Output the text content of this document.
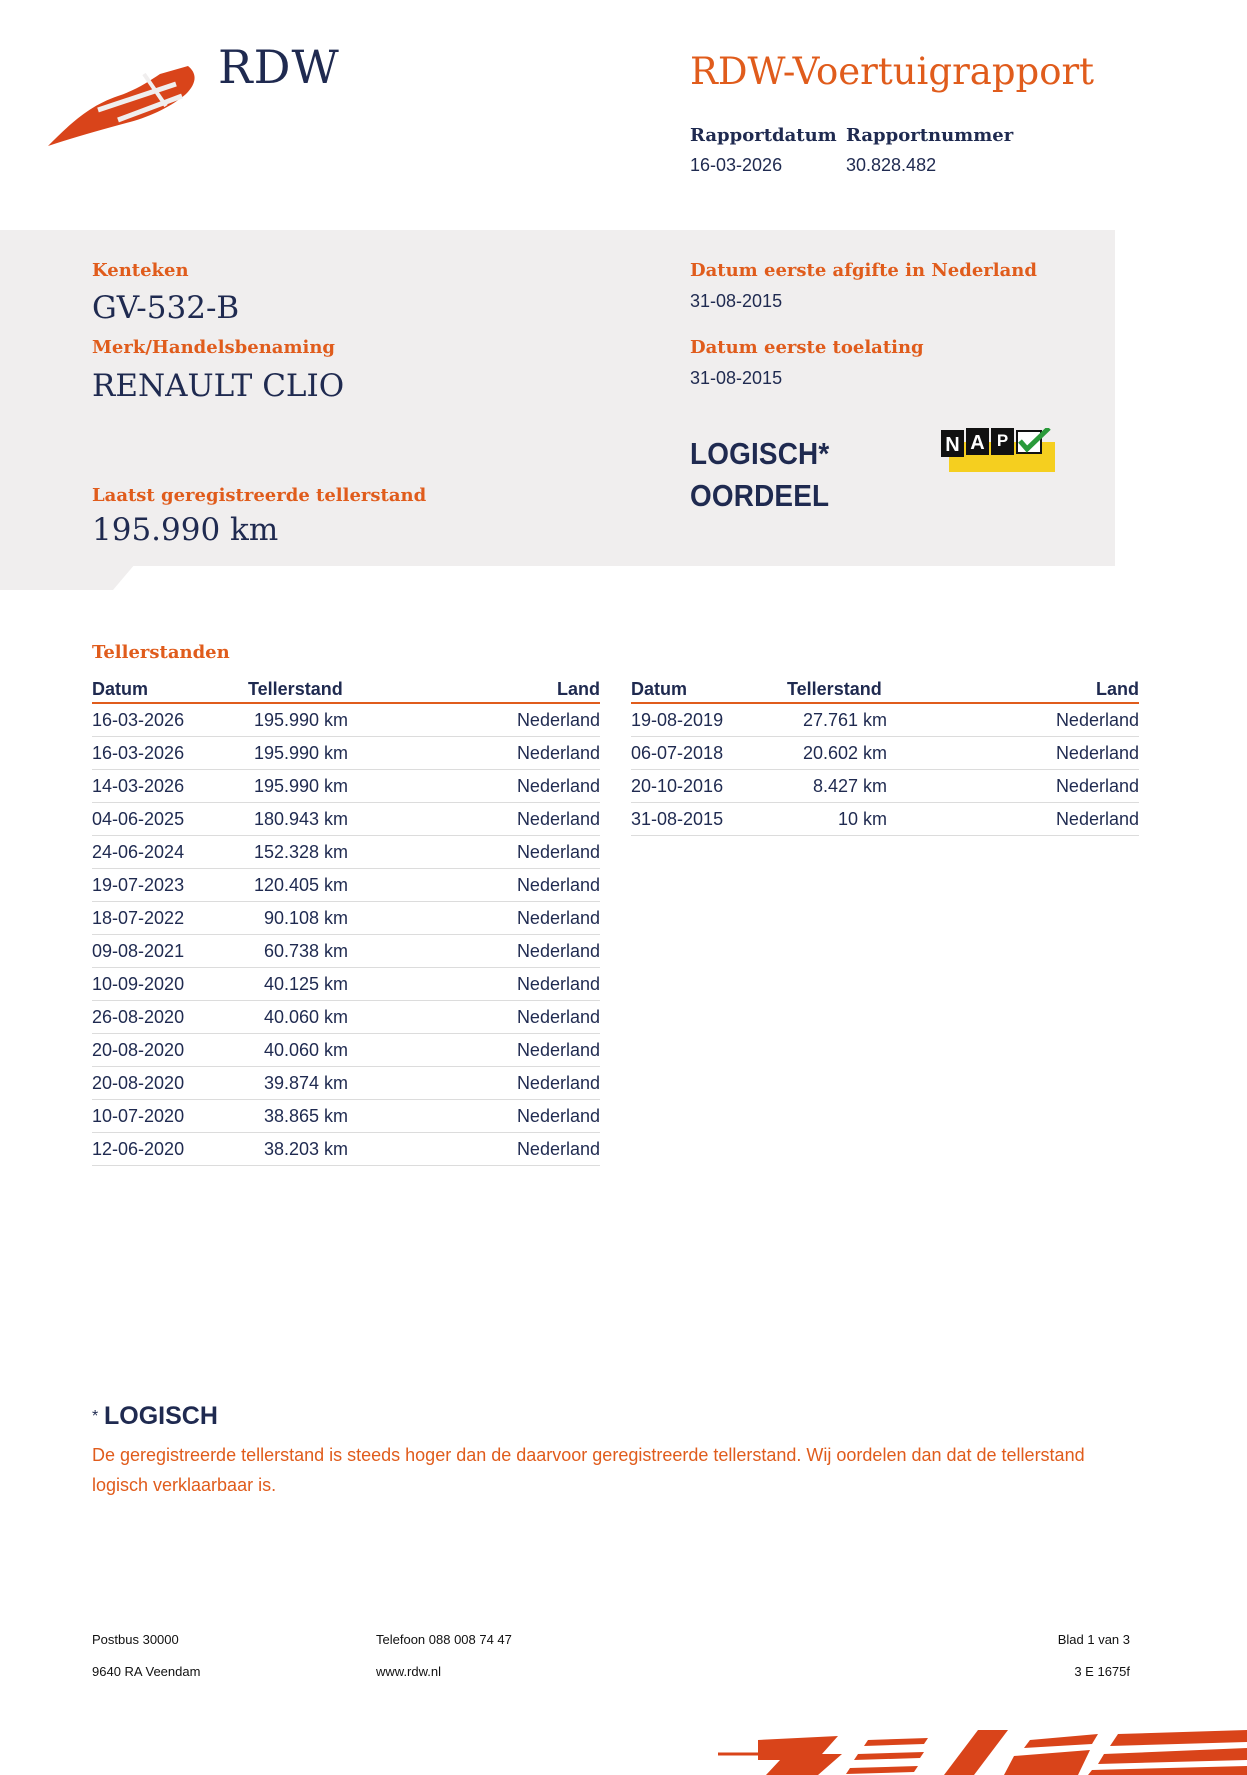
RDW	RDW-Voertuigrapport
Rapportdatum
16-03-2026
Rapportnummer
30.828.482
Kenteken
GV-532-B
Merk/Handelsbenaming
RENAULT CLIO
Laatst geregistreerde tellerstand
195.990 km
Datum eerste afgifte in Nederland
31-08-2015
Datum eerste toelating
31-08-2015
LOGISCH*
OORDEEL
N A P
Tellerstanden
Datum	Tellerstand	Land
16-03-2026	195.990 km	Nederland
16-03-2026	195.990 km	Nederland
14-03-2026	195.990 km	Nederland
04-06-2025	180.943 km	Nederland
24-06-2024	152.328 km	Nederland
19-07-2023	120.405 km	Nederland
18-07-2022	90.108 km	Nederland
09-08-2021	60.738 km	Nederland
10-09-2020	40.125 km	Nederland
26-08-2020	40.060 km	Nederland
20-08-2020	40.060 km	Nederland
20-08-2020	39.874 km	Nederland
10-07-2020	38.865 km	Nederland
12-06-2020	38.203 km	Nederland
Datum	Tellerstand	Land
19-08-2019	27.761 km	Nederland
06-07-2018	20.602 km	Nederland
20-10-2016	8.427 km	Nederland
31-08-2015	10 km	Nederland
* LOGISCH
De geregistreerde tellerstand is steeds hoger dan de daarvoor geregistreerde tellerstand. Wij oordelen dan dat de tellerstand logisch verklaarbaar is.
Postbus 30000
9640 RA Veendam
Telefoon 088 008 74 47
www.rdw.nl
Blad 1 van 3
3 E 1675f
